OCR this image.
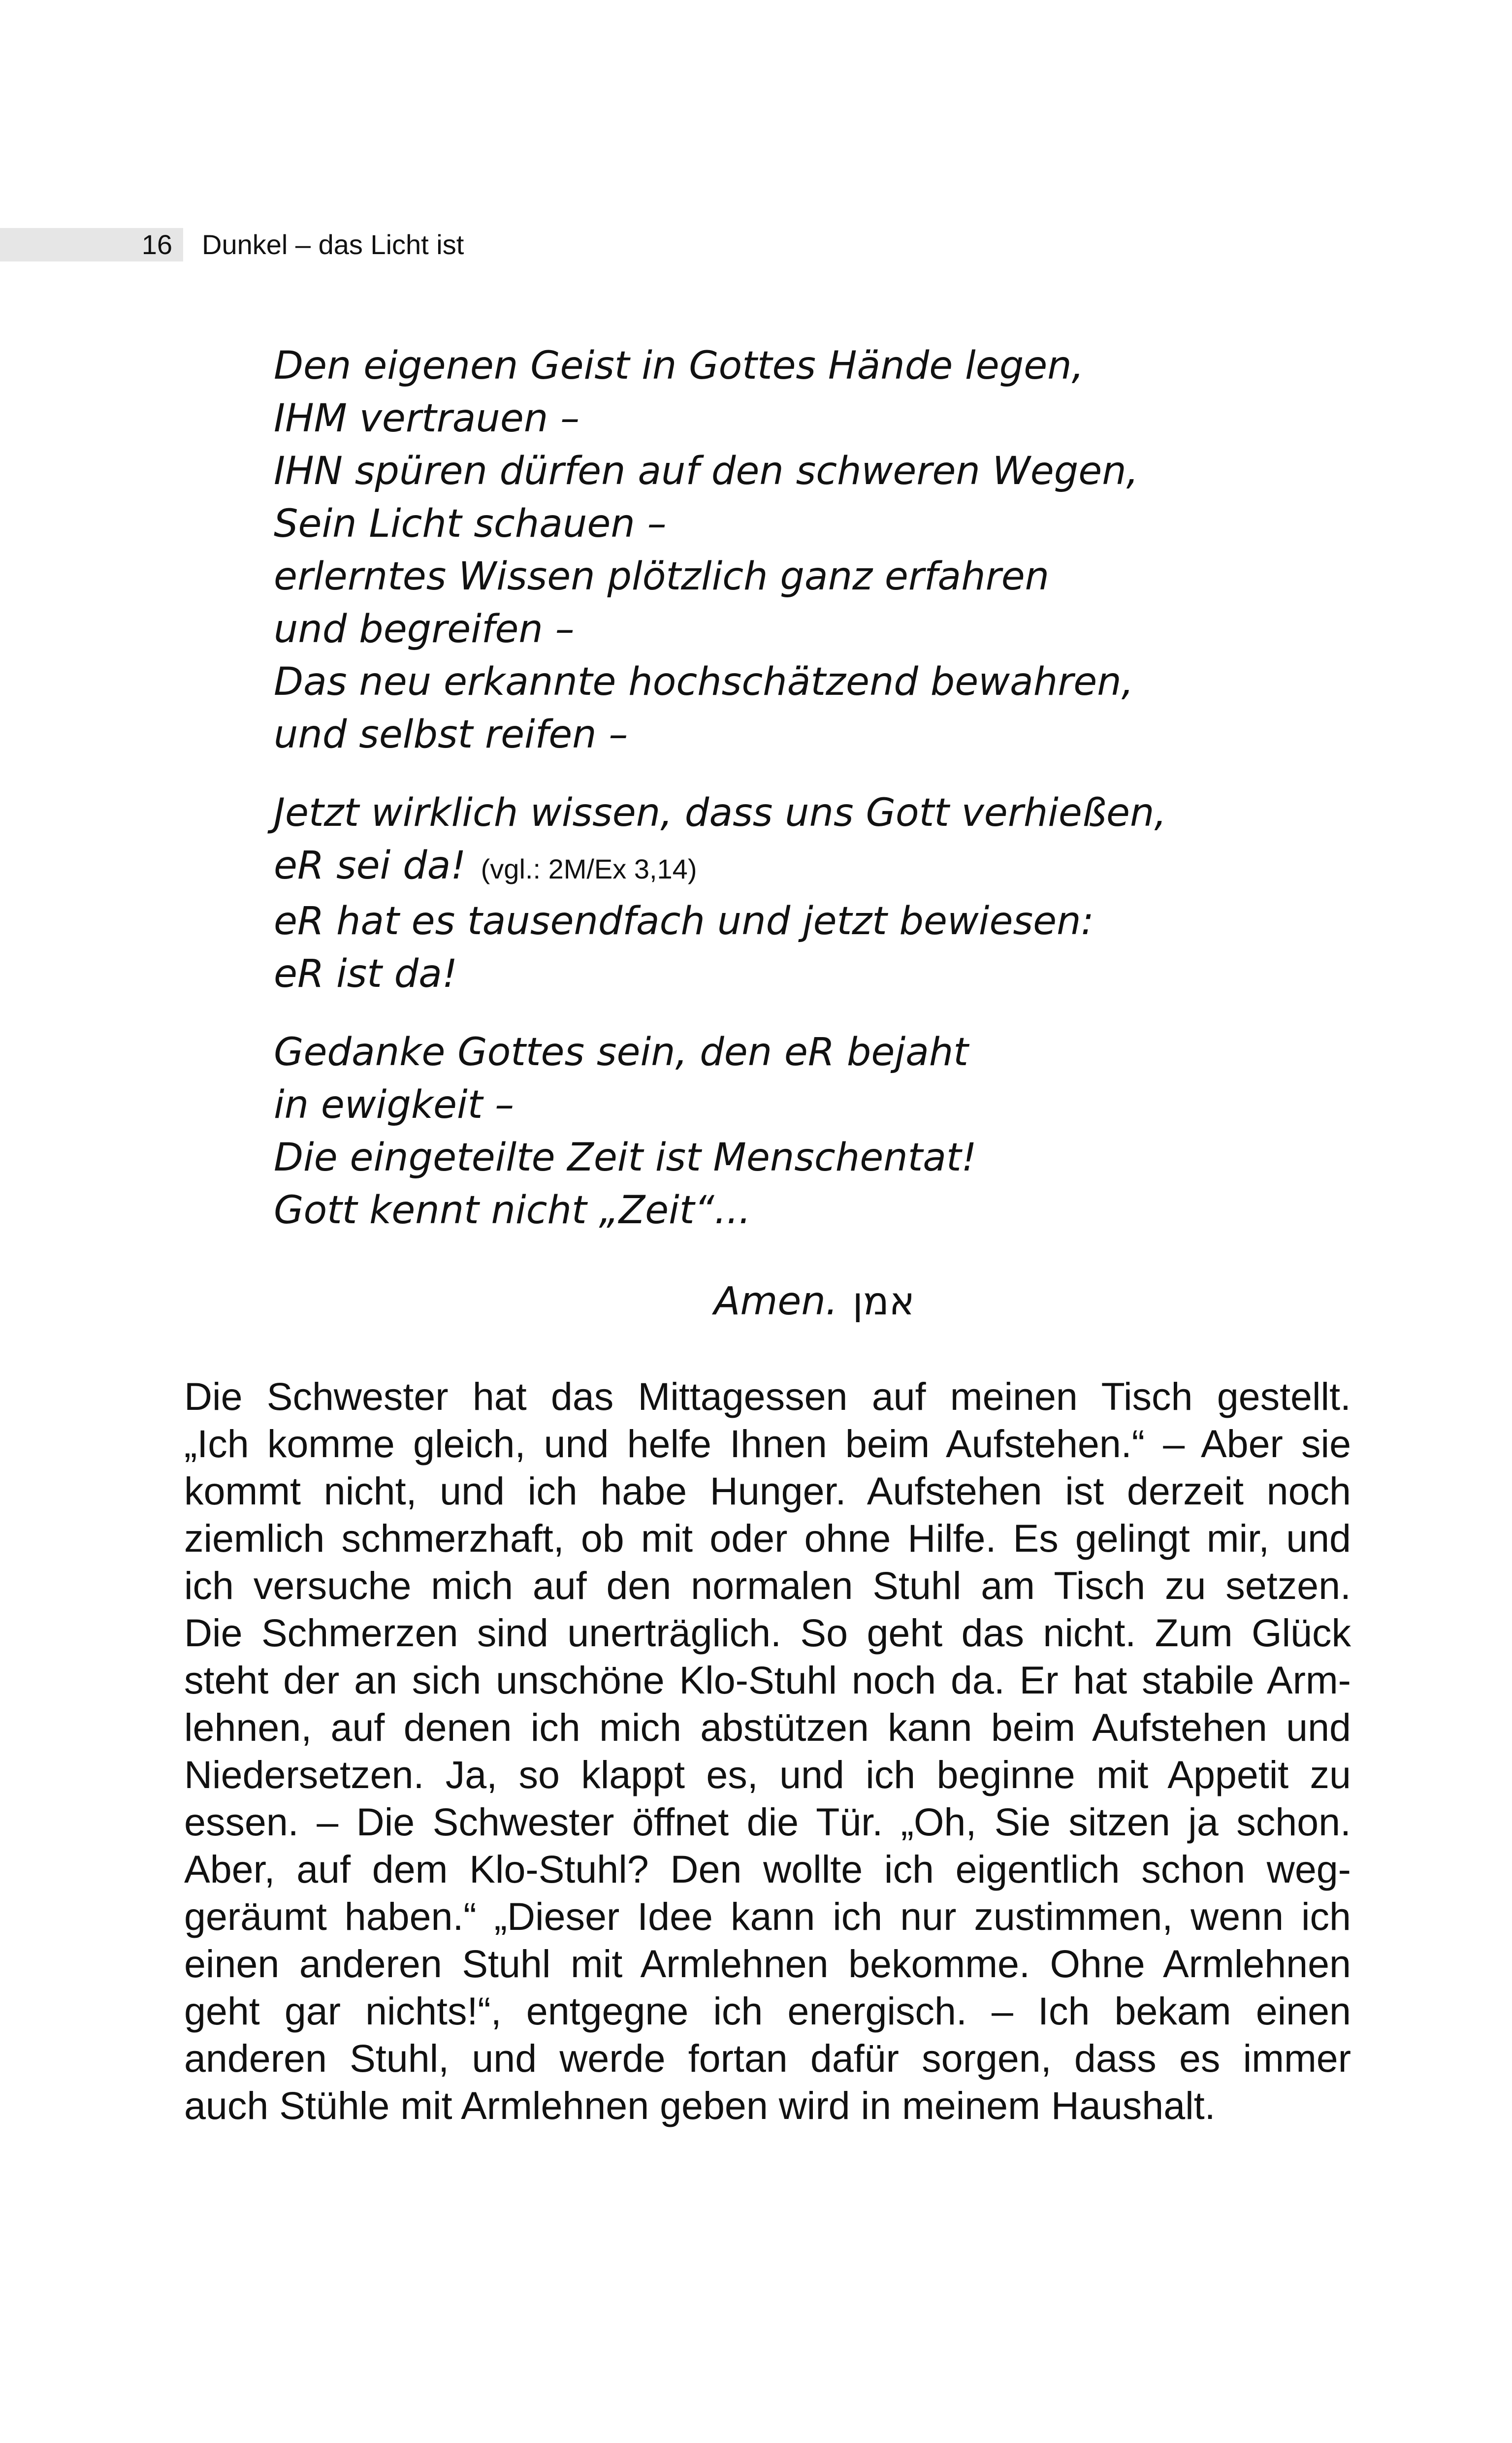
16 Dunkel – das Licht ist
Den eigenen Geist in Gottes Hände legen,
IHM vertrauen –
IHN spüren dürfen auf den schweren Wegen,
Sein Licht schauen –
erlerntes Wissen plötzlich ganz erfahren
und begreifen –
Das neu erkannte hochschätzend bewahren,
und selbst reifen –
Jetzt wirklich wissen, dass uns Gott verhießen,
eR sei da! (vgl.: 2M/Ex 3,14)
eR hat es tausendfach und jetzt bewiesen:
eR ist da!
Gedanke Gottes sein, den eR bejaht
in ewigkeit –
Die eingeteilte Zeit ist Menschentat!
Gott kennt nicht „Zeit“...
Amen. אמן
Die Schwester hat das Mittagessen auf meinen Tisch gestellt.
„Ich komme gleich, und helfe Ihnen beim Aufstehen.“ – Aber sie
kommt nicht, und ich habe Hunger. Aufstehen ist derzeit noch
ziemlich schmerzhaft, ob mit oder ohne Hilfe. Es gelingt mir, und
ich versuche mich auf den normalen Stuhl am Tisch zu setzen.
Die Schmerzen sind unerträglich. So geht das nicht. Zum Glück
steht der an sich unschöne Klo-Stuhl noch da. Er hat stabile Arm-
lehnen, auf denen ich mich abstützen kann beim Aufstehen und
Niedersetzen. Ja, so klappt es, und ich beginne mit Appetit zu
essen. – Die Schwester öffnet die Tür. „Oh, Sie sitzen ja schon.
Aber, auf dem Klo-Stuhl? Den wollte ich eigentlich schon weg-
geräumt haben.“ „Dieser Idee kann ich nur zustimmen, wenn ich
einen anderen Stuhl mit Armlehnen bekomme. Ohne Armlehnen
geht gar nichts!“, entgegne ich energisch. – Ich bekam einen
anderen Stuhl, und werde fortan dafür sorgen, dass es immer
auch Stühle mit Armlehnen geben wird in meinem Haushalt.
